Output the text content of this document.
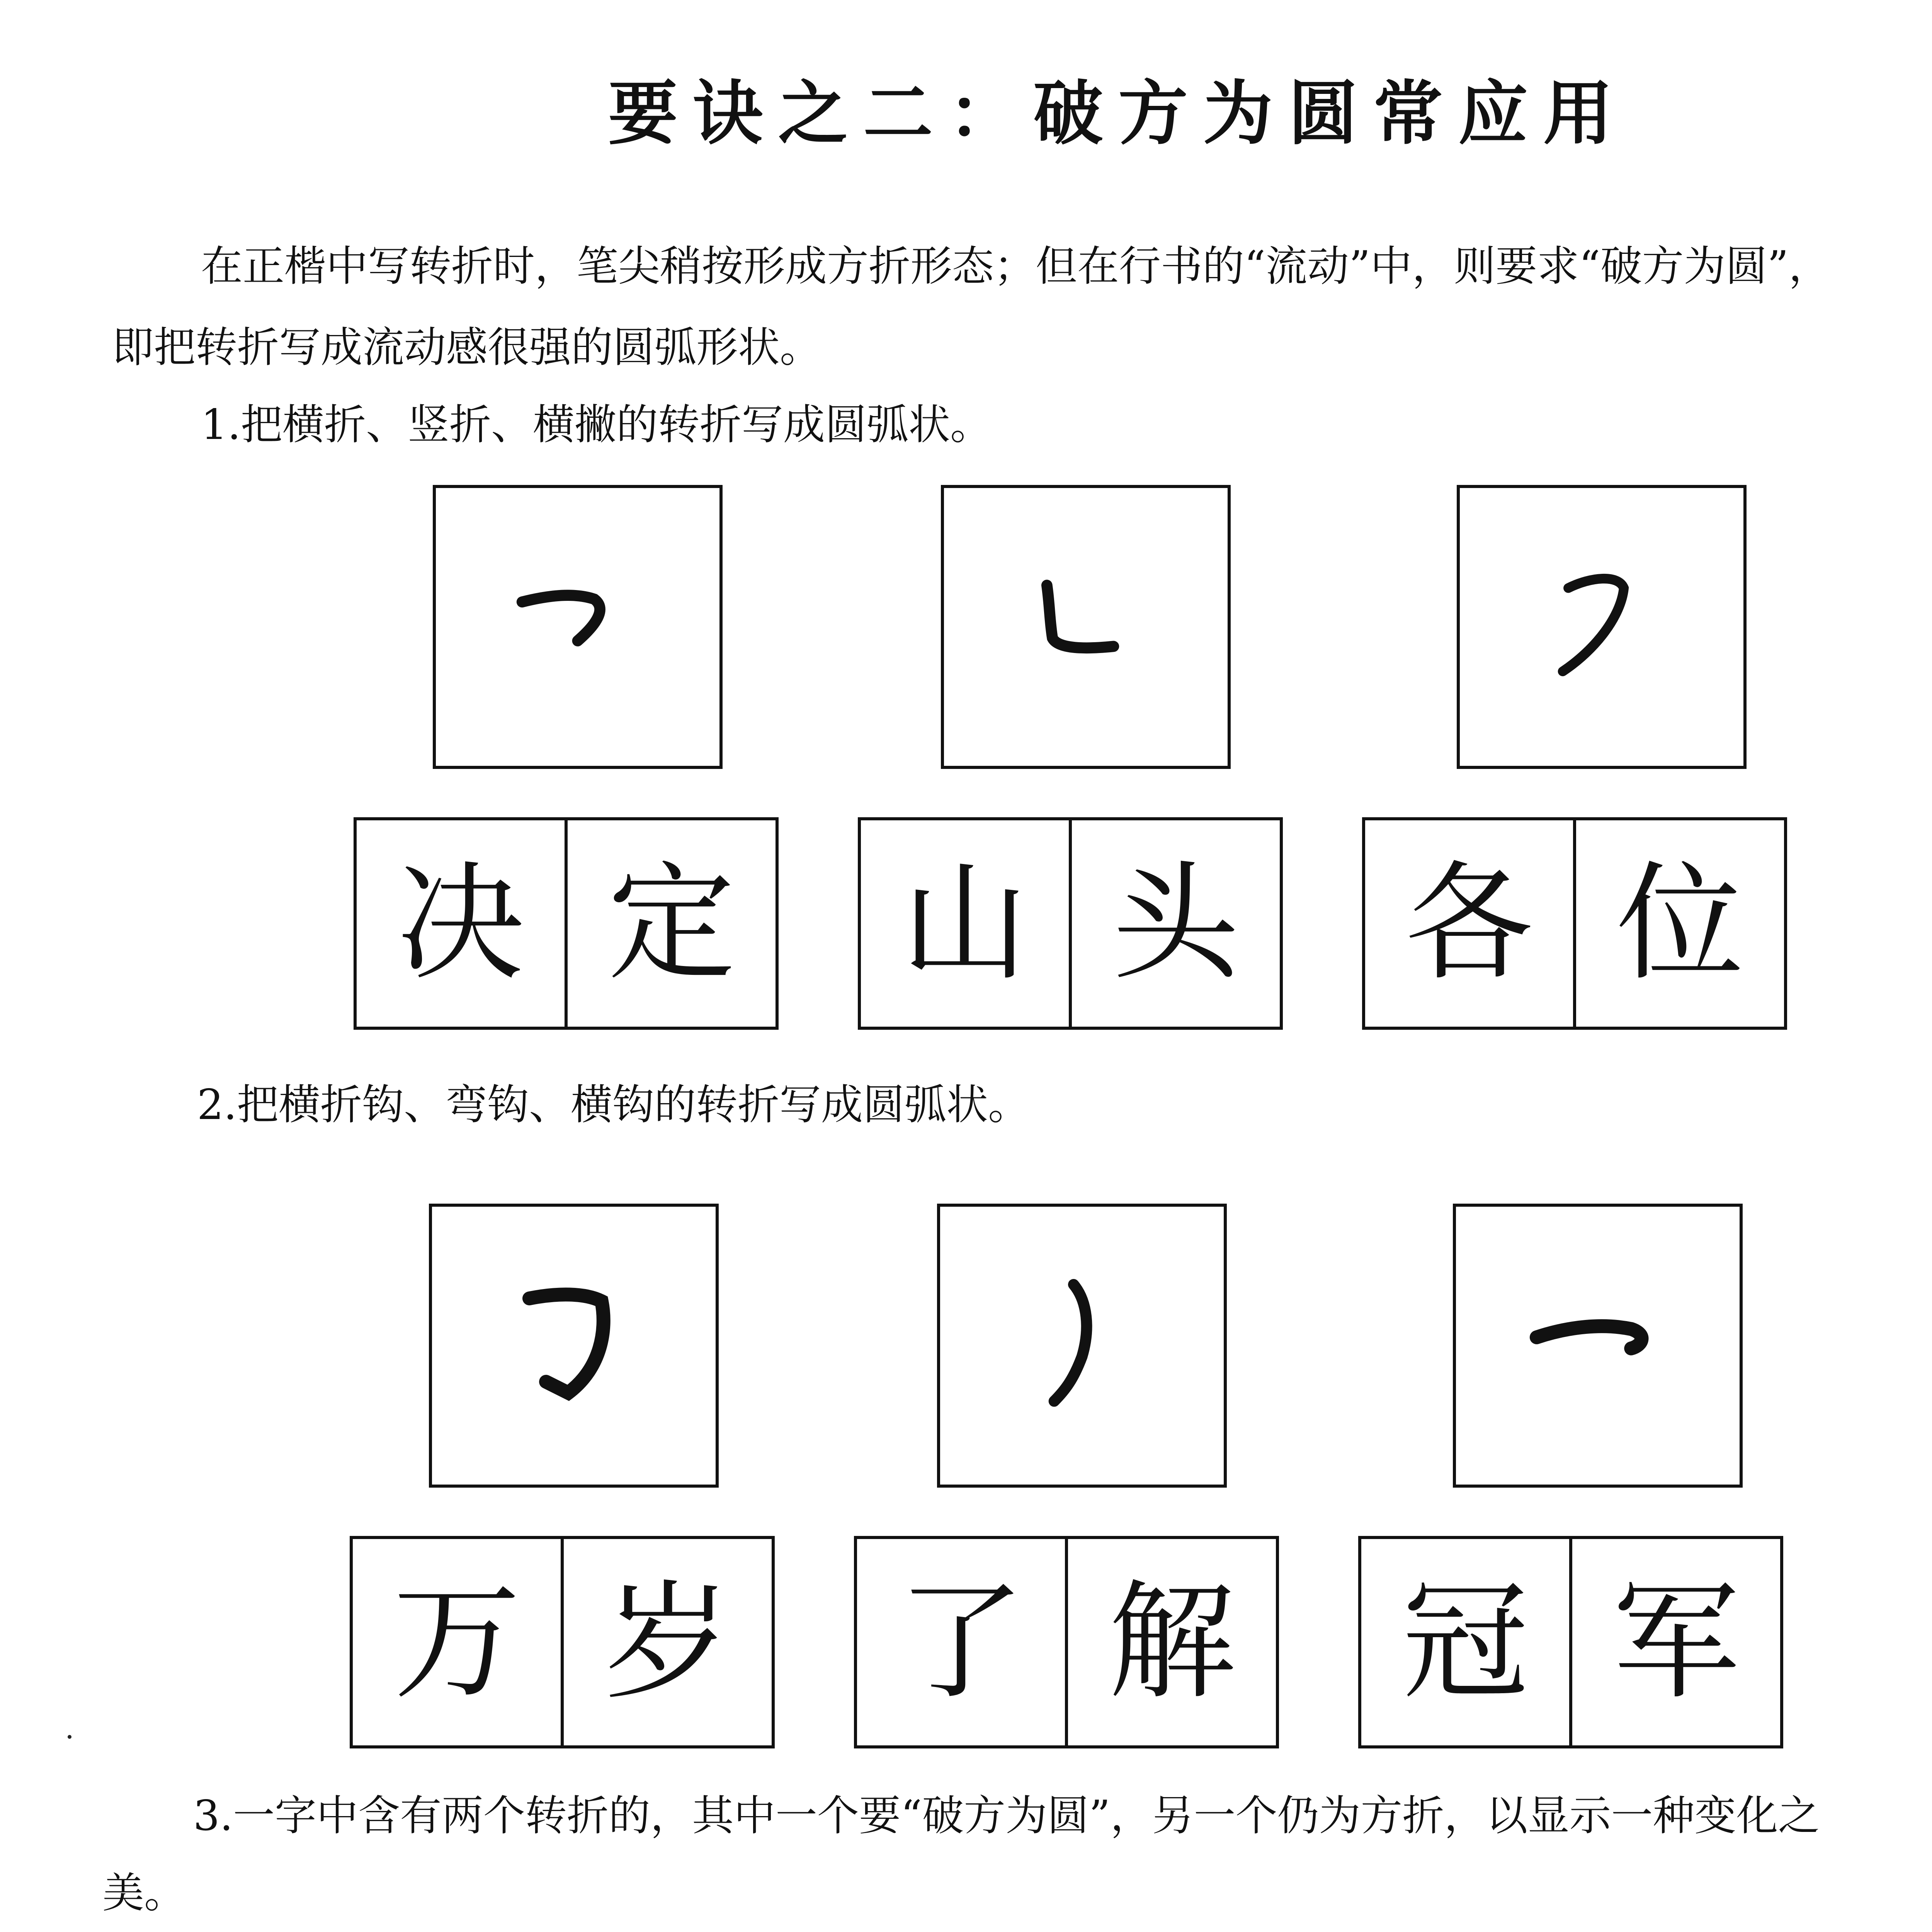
要诀之二：破方为圆常应用
在正楷中写转折时，笔尖稍按形成方折形态；但在行书的“流动”中，则要求“破方为圆”，
即把转折写成流动感很强的圆弧形状。
1.把横折、竖折、横撇的转折写成圆弧状。
决 定	山 头	各 位
2.把横折钩、弯钩、横钩的转折写成圆弧状。
万 岁	了 解	冠 军
3.一字中含有两个转折的，其中一个要“破方为圆”，另一个仍为方折，以显示一种变化之
美。
